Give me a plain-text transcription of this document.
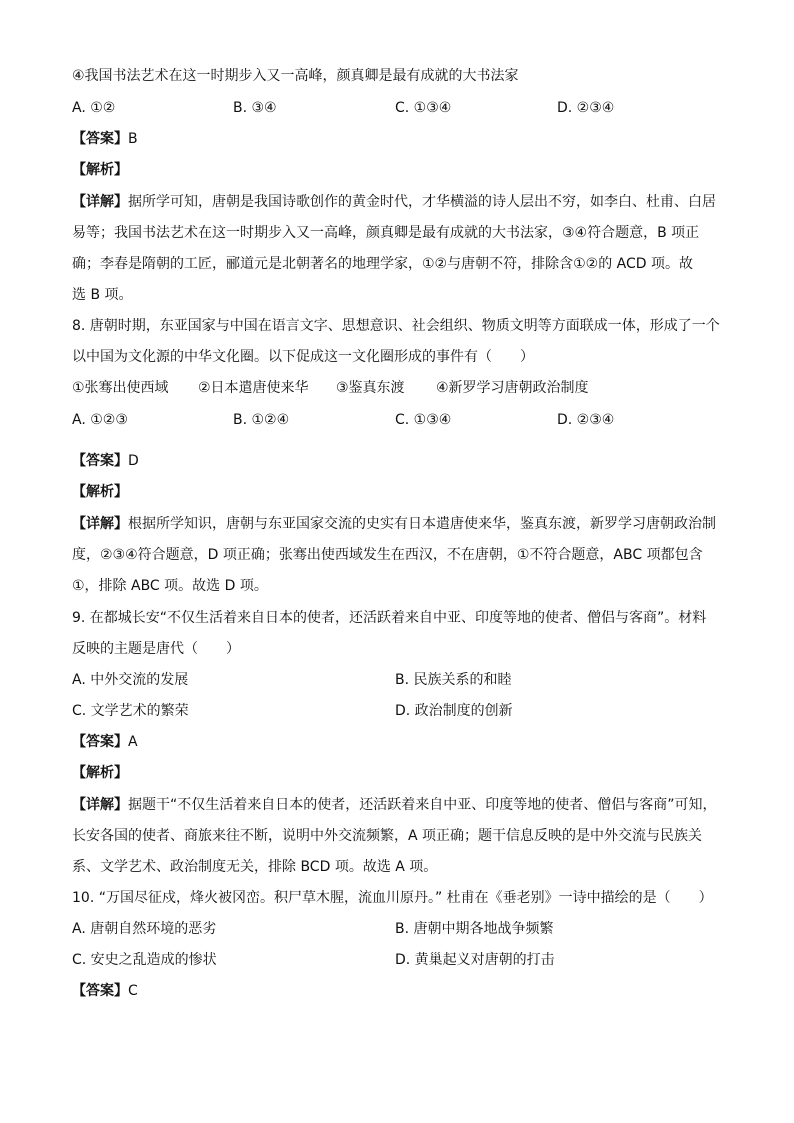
④我国书法艺术在这一时期步入又一高峰，颜真卿是最有成就的大书法家
A. ①②	B. ③④	C. ①③④	D. ②③④
【答案】B
【解析】
【详解】据所学可知，唐朝是我国诗歌创作的黄金时代，才华横溢的诗人层出不穷，如李白、杜甫、白居
易等；我国书法艺术在这一时期步入又一高峰，颜真卿是最有成就的大书法家，③④符合题意，B 项正
确；李春是隋朝的工匠，郦道元是北朝著名的地理学家，①②与唐朝不符，排除含①②的 ACD 项。故
选 B 项。
8. 唐朝时期，东亚国家与中国在语言文字、思想意识、社会组织、物质文明等方面联成一体，形成了一个
以中国为文化源的中华文化圈。以下促成这一文化圈形成的事件有（　　）
①张骞出使西域 ②日本遣唐使来华 ③鉴真东渡 ④新罗学习唐朝政治制度
A. ①②③	B. ①②④	C. ①③④	D. ②③④
【答案】D
【解析】
【详解】根据所学知识，唐朝与东亚国家交流的史实有日本遣唐使来华，鉴真东渡，新罗学习唐朝政治制
度，②③④符合题意，D 项正确；张骞出使西域发生在西汉，不在唐朝，①不符合题意，ABC 项都包含
①，排除 ABC 项。故选 D 项。
9. 在都城长安“不仅生活着来自日本的使者，还活跃着来自中亚、印度等地的使者、僧侣与客商”。材料
反映的主题是唐代（　　）
A. 中外交流的发展	B. 民族关系的和睦
C. 文学艺术的繁荣	D. 政治制度的创新
【答案】A
【解析】
【详解】据题干“不仅生活着来自日本的使者，还活跃着来自中亚、印度等地的使者、僧侣与客商”可知，
长安各国的使者、商旅来往不断，说明中外交流频繁，A 项正确；题干信息反映的是中外交流与民族关
系、文学艺术、政治制度无关，排除 BCD 项。故选 A 项。
10. “万国尽征戍，烽火被冈峦。积尸草木腥，流血川原丹。” 杜甫在《垂老别》一诗中描绘的是（　　）
A. 唐朝自然环境的恶劣	B. 唐朝中期各地战争频繁
C. 安史之乱造成的惨状	D. 黄巢起义对唐朝的打击
【答案】C
